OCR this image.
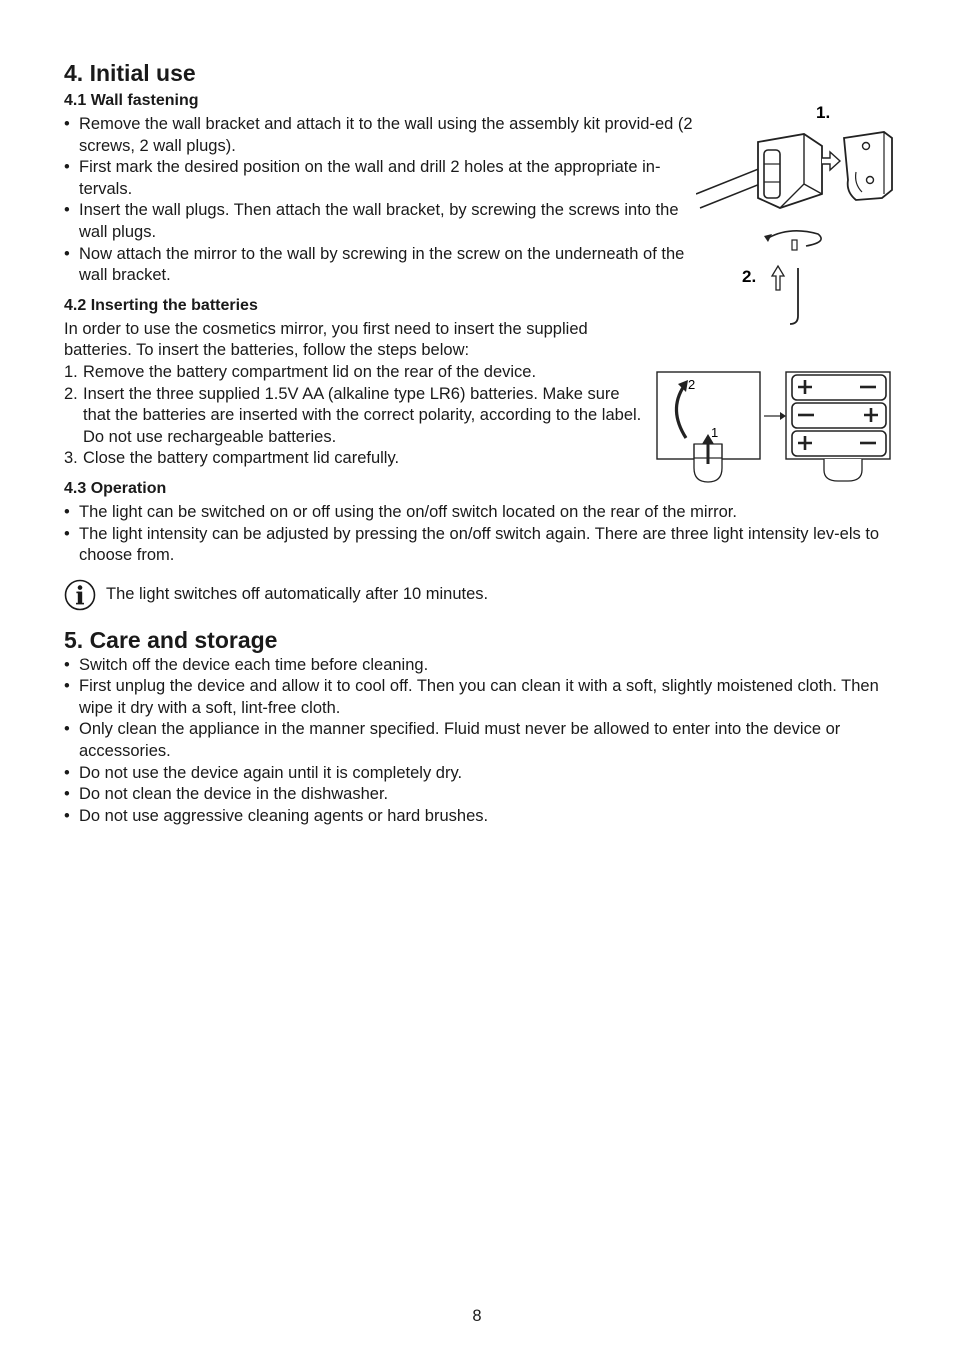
4. Initial use
4.1 Wall fastening
• Remove the wall bracket and attach it to the wall using the assembly kit provid-ed (2 screws, 2 wall plugs).
• First mark the desired position on the wall and drill 2 holes at the appropriate in-tervals.
• Insert the wall plugs. Then attach the wall bracket, by screwing the screws into the wall plugs.
• Now attach the mirror to the wall by screwing in the screw on the underneath of the wall bracket.
4.2 Inserting the batteries

In order to use the cosmetics mirror, you first need to insert the supplied batteries. To insert the batteries, follow the steps below:

1. Remove the battery compartment lid on the rear of the device.
2. Insert the three supplied 1.5V AA (alkaline type LR6) batteries. Make sure that the batteries are inserted with the correct polarity, according to the label. Do not use rechargeable batteries.
3. Close the battery compartment lid carefully.
4.3 Operation
• The light can be switched on or off using the on/off switch located on the rear of the mirror.
• The light intensity can be adjusted by pressing the on/off switch again. There are three light intensity lev-els to choose from.

The light switches off automatically after 10 minutes.

5. Care and storage
• Switch off the device each time before cleaning.
• First unplug the device and allow it to cool off. Then you can clean it with a soft, slightly moistened cloth. Then wipe it dry with a soft, lint-free cloth.
• Only clean the appliance in the manner specified. Fluid must never be allowed to enter into the device or accessories.
• Do not use the device again until it is completely dry.
• Do not clean the device in the dishwasher.
• Do not use aggressive cleaning agents or hard brushes.
1.
2.
2
1
8
